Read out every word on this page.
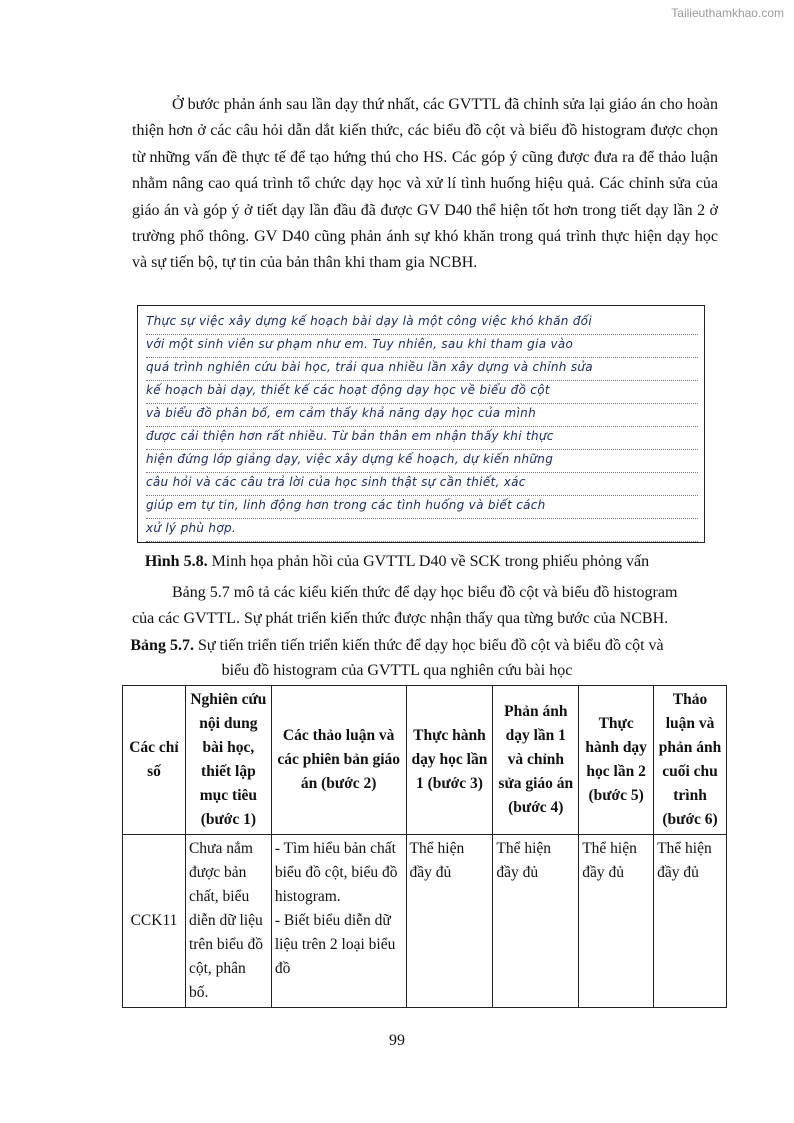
Tailieuthamkhao.com
Ở bước phản ánh sau lần dạy thứ nhất, các GVTTL đã chỉnh sửa lại giáo án cho hoàn thiện hơn ở các câu hỏi dẫn dắt kiến thức, các biểu đồ cột và biểu đồ histogram được chọn từ những vấn đề thực tế để tạo hứng thú cho HS. Các góp ý cũng được đưa ra để thảo luận nhằm nâng cao quá trình tổ chức dạy học và xử lí tình huống hiệu quả. Các chỉnh sửa của giáo án và góp ý ở tiết dạy lần đầu đã được GV D40 thể hiện tốt hơn trong tiết dạy lần 2 ở trường phổ thông. GV D40 cũng phản ánh sự khó khăn trong quá trình thực hiện dạy học và sự tiến bộ, tự tin của bản thân khi tham gia NCBH.
Thực sự việc xây dựng kế hoạch bài dạy là một công việc khó khăn đối
với một sinh viên sư phạm như em. Tuy nhiên, sau khi tham gia vào
quá trình nghiên cứu bài học, trải qua nhiều lần xây dựng và chỉnh sửa
kế hoạch bài dạy, thiết kế các hoạt động dạy học về biểu đồ cột
và biểu đồ phân bố, em cảm thấy khả năng dạy học của mình
được cải thiện hơn rất nhiều. Từ bản thân em nhận thấy khi thực
hiện đứng lớp giảng dạy, việc xây dựng kế hoạch, dự kiến những
câu hỏi và các câu trả lời của học sinh thật sự cần thiết, xác
giúp em tự tin, linh động hơn trong các tình huống và biết cách
xử lý phù hợp.
Hình 5.8. Minh họa phản hồi của GVTTL D40 về SCK trong phiếu phỏng vấn
Bảng 5.7 mô tả các kiểu kiến thức để dạy học biểu đồ cột và biểu đồ histogram
của các GVTTL. Sự phát triển kiến thức được nhận thấy qua từng bước của NCBH.
Bảng 5.7. Sự tiến triển tiến triển kiến thức để dạy học biểu đồ cột và biểu đồ cột và
biểu đồ histogram của GVTTL qua nghiên cứu bài học
Các chỉ số	Nghiên cứu nội dung bài học, thiết lập mục tiêu (bước 1)	Các thảo luận và các phiên bản giáo án (bước 2)	Thực hành dạy học lần 1 (bước 3)	Phản ánh dạy lần 1 và chỉnh sửa giáo án (bước 4)	Thực hành dạy học lần 2 (bước 5)	Thảo luận và phản ánh cuối chu trình (bước 6)
CCK11	Chưa nắm được bản chất, biểu diễn dữ liệu trên biểu đồ cột, phân bố.	- Tìm hiểu bản chất biểu đồ cột, biểu đồ histogram.
- Biết biểu diễn dữ liệu trên 2 loại biểu đồ	Thể hiện đầy đủ	Thể hiện đầy đủ	Thể hiện đầy đủ	Thể hiện đầy đủ
99
